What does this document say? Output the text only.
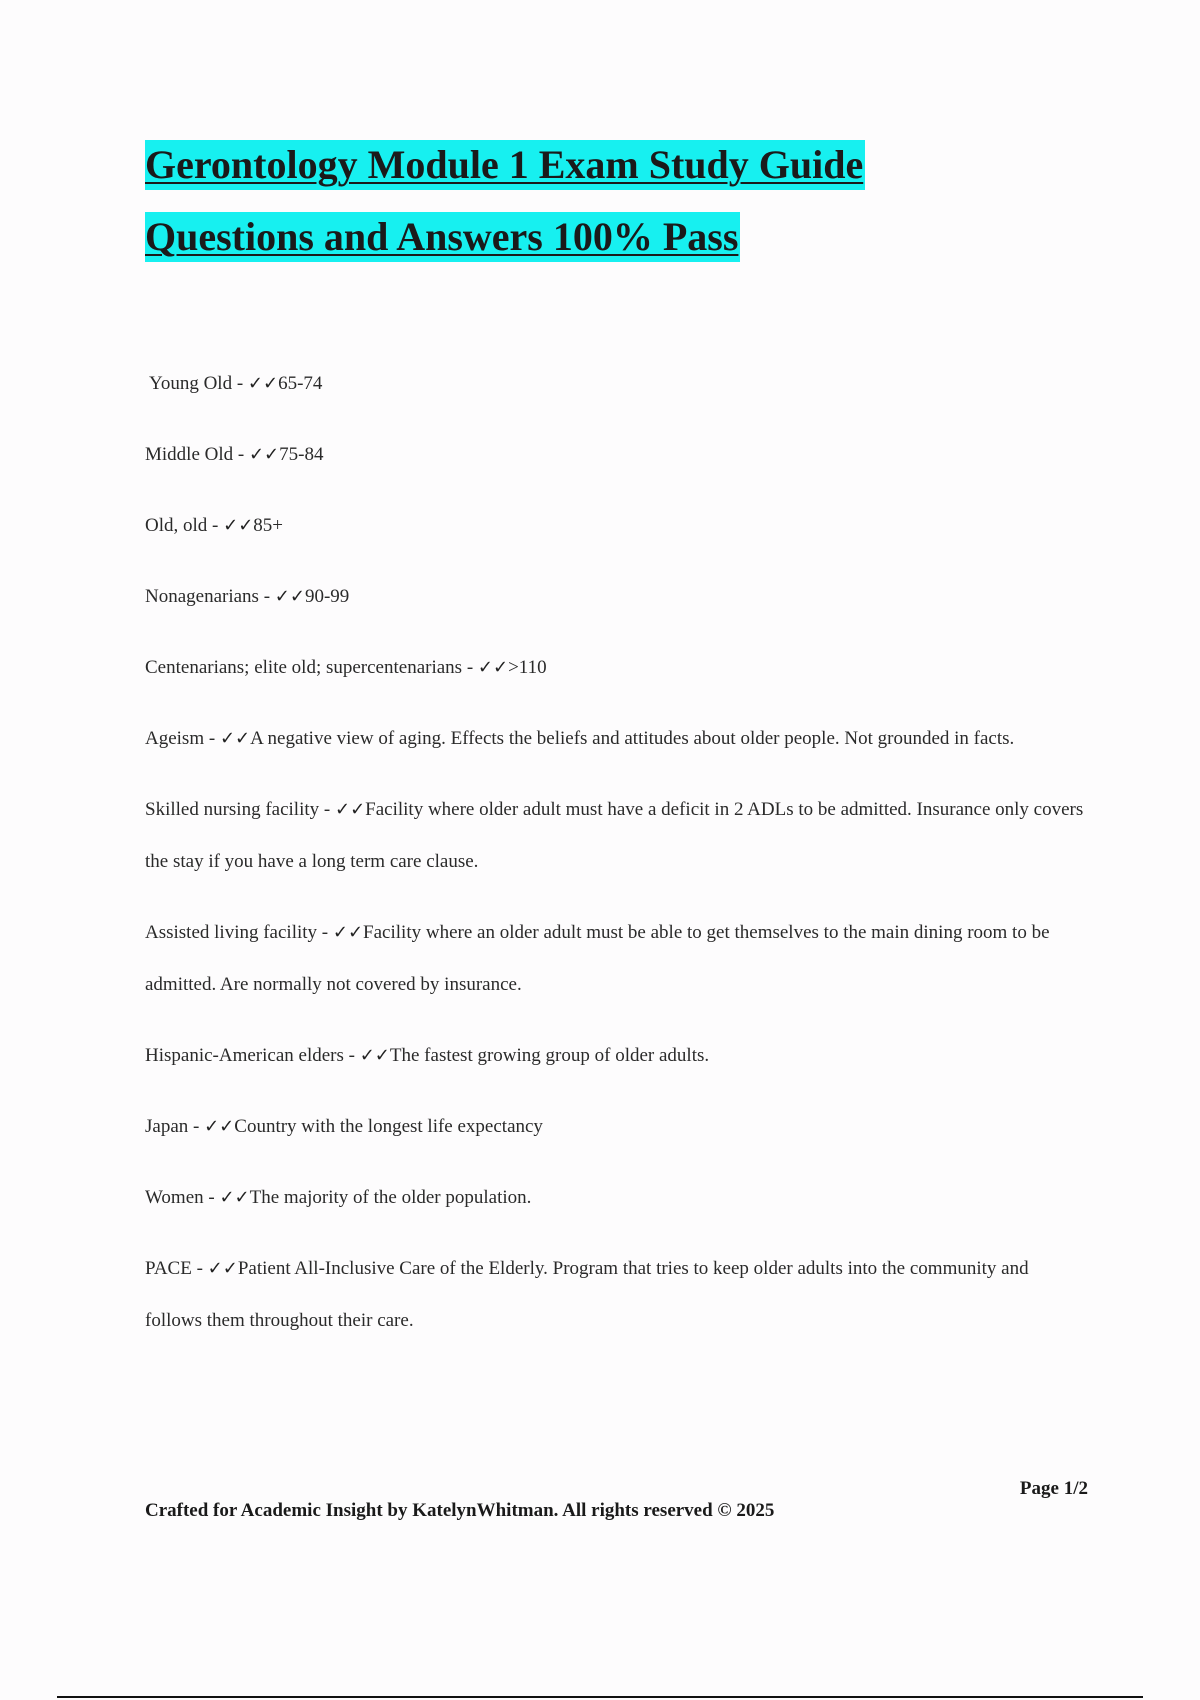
Gerontology Module 1 Exam Study Guide
Questions and Answers 100% Pass
Young Old - ✓✓65-74
Middle Old - ✓✓75-84
Old, old - ✓✓85+
Nonagenarians - ✓✓90-99
Centenarians; elite old; supercentenarians - ✓✓>110
Ageism - ✓✓A negative view of aging. Effects the beliefs and attitudes about older people. Not grounded in facts.
Skilled nursing facility - ✓✓Facility where older adult must have a deficit in 2 ADLs to be admitted. Insurance only covers the stay if you have a long term care clause.
Assisted living facility - ✓✓Facility where an older adult must be able to get themselves to the main dining room to be admitted. Are normally not covered by insurance.
Hispanic-American elders - ✓✓The fastest growing group of older adults.
Japan - ✓✓Country with the longest life expectancy
Women - ✓✓The majority of the older population.
PACE - ✓✓Patient All-Inclusive Care of the Elderly. Program that tries to keep older adults into the community and follows them throughout their care.
Page 1/2
Crafted for Academic Insight by KatelynWhitman. All rights reserved © 2025
